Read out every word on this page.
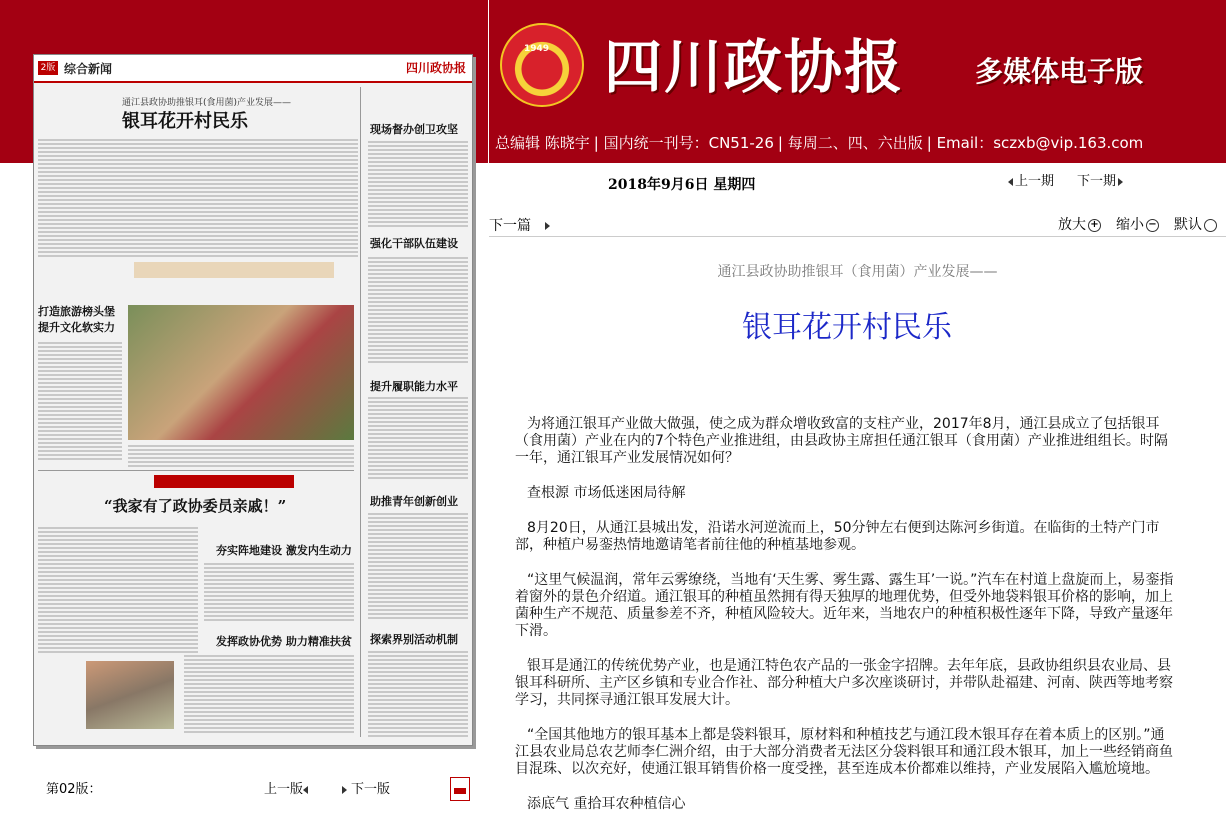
2版 综合新闻	四川政协报
通江县政协助推银耳(食用菌)产业发展——
银耳花开村民乐
打造旅游榜头堡
提升文化软实力
“我家有了政协委员亲戚！”
夯实阵地建设 激发内生动力
发挥政协优势 助力精准扶贫
现场督办创卫攻坚
强化干部队伍建设
提升履职能力水平
助推青年创新创业
探索界别活动机制
第02版：	上一版	下一版
1949 四川政协报	多媒体电子版
总编辑 陈晓宇 | 国内统一刊号：CN51-26 | 每周二、四、六出版 | Email：sczxb@vip.163.com
2018年9月6日 星期四	上一期 下一期
下一篇	放大 + 缩小 − 默认
通江县政协助推银耳（食用菌）产业发展——
银耳花开村民乐

为将通江银耳产业做大做强，使之成为群众增收致富的支柱产业，2017年8月，通江县成立了包括银耳（食用菌）产业在内的7个特色产业推进组，由县政协主席担任通江银耳（食用菌）产业推进组组长。时隔一年，通江银耳产业发展情况如何？

查根源 市场低迷困局待解

8月20日，从通江县城出发，沿诺水河逆流而上，50分钟左右便到达陈河乡街道。在临街的土特产门市部，种植户易銮热情地邀请笔者前往他的种植基地参观。

“这里气候温润，常年云雾缭绕，当地有‘天生雾、雾生露、露生耳’一说。”汽车在村道上盘旋而上，易銮指着窗外的景色介绍道。通江银耳的种植虽然拥有得天独厚的地理优势，但受外地袋料银耳价格的影响，加上菌种生产不规范、质量参差不齐，种植风险较大。近年来，当地农户的种植积极性逐年下降，导致产量逐年下滑。

银耳是通江的传统优势产业，也是通江特色农产品的一张金字招牌。去年年底，县政协组织县农业局、县银耳科研所、主产区乡镇和专业合作社、部分种植大户多次座谈研讨，并带队赴福建、河南、陕西等地考察学习，共同探寻通江银耳发展大计。

“全国其他地方的银耳基本上都是袋料银耳，原材料和种植技艺与通江段木银耳存在着本质上的区别。”通江县农业局总农艺师李仁洲介绍，由于大部分消费者无法区分袋料银耳和通江段木银耳，加上一些经销商鱼目混珠、以次充好，使通江银耳销售价格一度受挫，甚至连成本价都难以维持，产业发展陷入尴尬境地。

添底气 重拾耳农种植信心
